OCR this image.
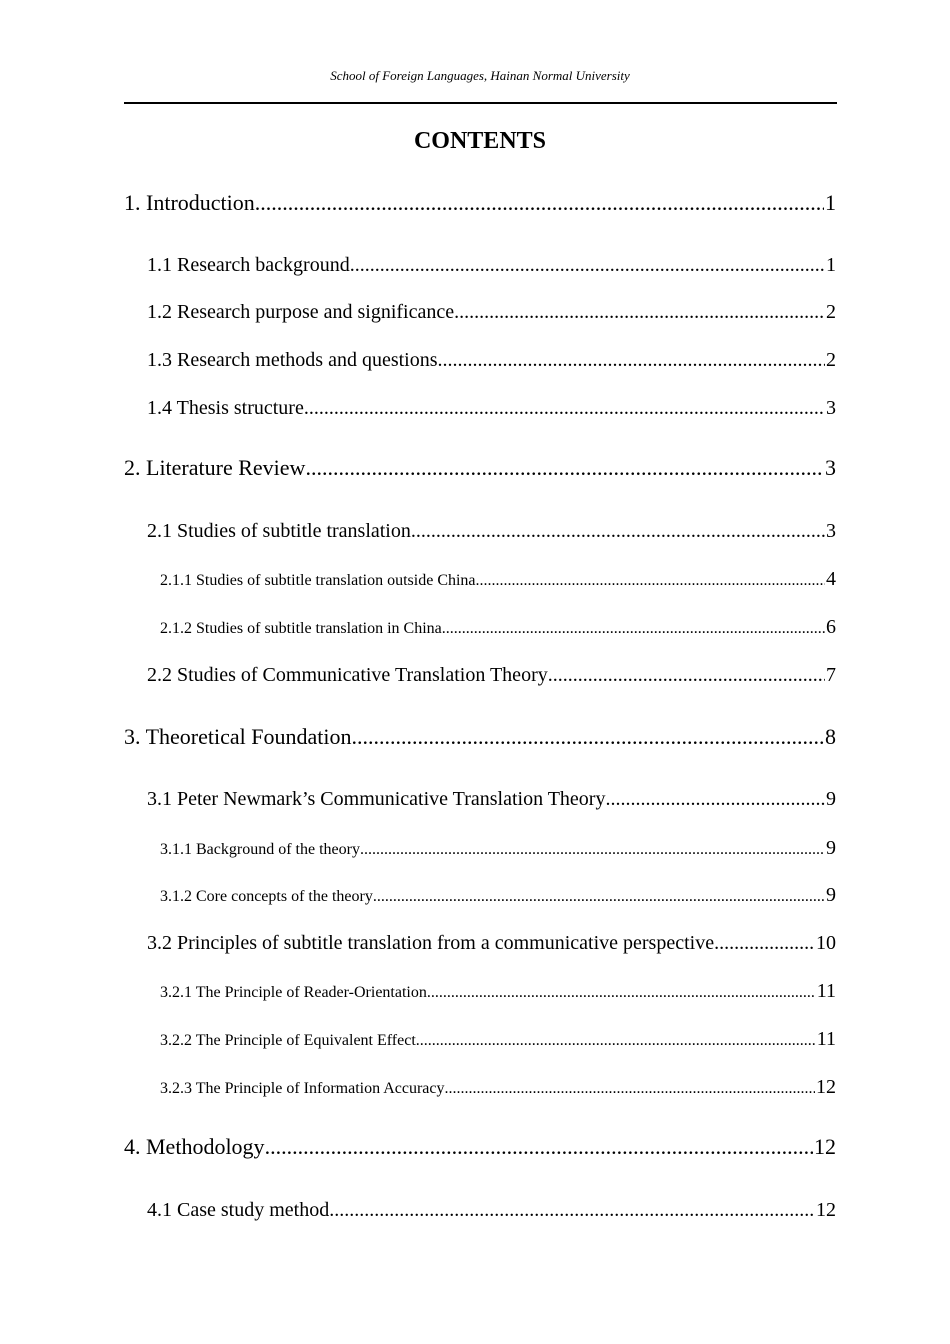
School of Foreign Languages, Hainan Normal University
CONTENTS
1. Introduction .....	1
1.1 Research background .....	1
1.2 Research purpose and significance .....	2
1.3 Research methods and questions .....	2
1.4 Thesis structure .....	3
2. Literature Review .....	3
2.1 Studies of subtitle translation .....	3
2.1.1 Studies of subtitle translation outside China .....	4
2.1.2 Studies of subtitle translation in China .....	6
2.2 Studies of Communicative Translation Theory .....	7
3. Theoretical Foundation .....	8
3.1 Peter Newmark’s Communicative Translation Theory .....	9
3.1.1 Background of the theory .....	9
3.1.2 Core concepts of the theory .....	9
3.2 Principles of subtitle translation from a communicative perspective .....	10
3.2.1 The Principle of Reader-Orientation .....	11
3.2.2 The Principle of Equivalent Effect .....	11
3.2.3 The Principle of Information Accuracy .....	12
4. Methodology .....	12
4.1 Case study method .....	12
